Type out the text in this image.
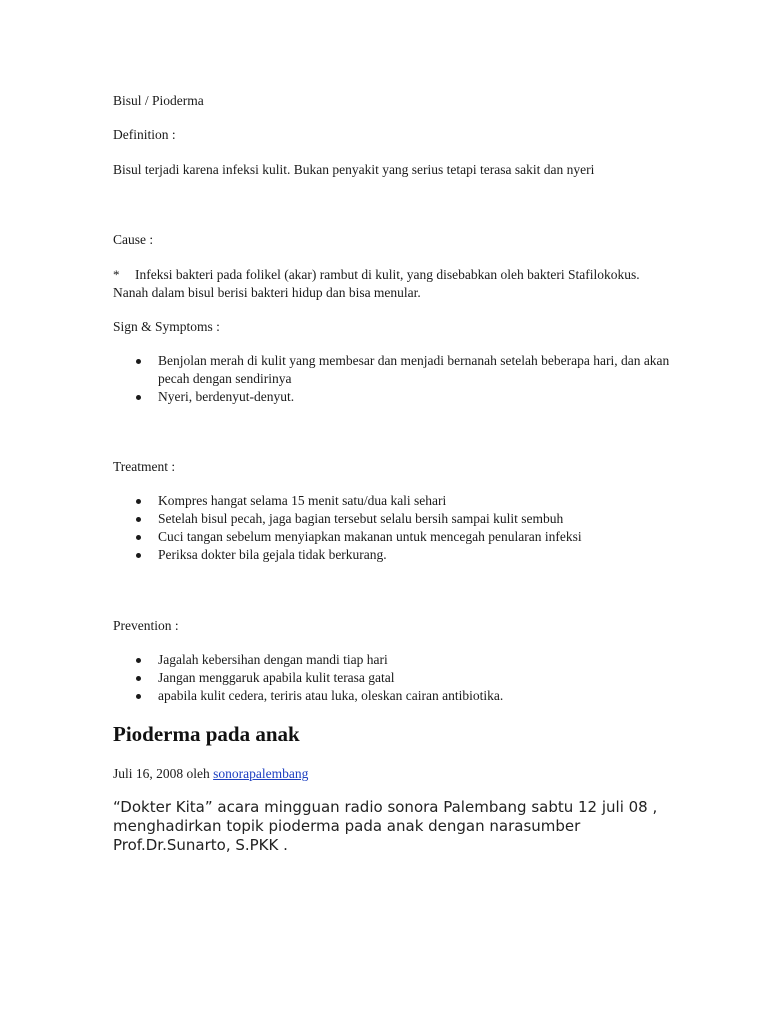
Bisul / Pioderma

Definition :

Bisul terjadi karena infeksi kulit. Bukan penyakit yang serius tetapi terasa sakit dan nyeri

Cause :

* Infeksi bakteri pada folikel (akar) rambut di kulit, yang disebabkan oleh bakteri Stafilokokus. Nanah dalam bisul berisi bakteri hidup dan bisa menular.

Sign & Symptoms :

Benjolan merah di kulit yang membesar dan menjadi bernanah setelah beberapa hari, dan akan pecah dengan sendirinya
Nyeri, berdenyut-denyut.

Treatment :

Kompres hangat selama 15 menit satu/dua kali sehari
Setelah bisul pecah, jaga bagian tersebut selalu bersih sampai kulit sembuh
Cuci tangan sebelum menyiapkan makanan untuk mencegah penularan infeksi
Periksa dokter bila gejala tidak berkurang.

Prevention :

Jagalah kebersihan dengan mandi tiap hari
Jangan menggaruk apabila kulit terasa gatal
apabila kulit cedera, teriris atau luka, oleskan cairan antibiotika.
Pioderma pada anak
Juli 16, 2008 oleh sonorapalembang

“Dokter Kita” acara mingguan radio sonora Palembang sabtu 12 juli 08 , menghadirkan topik pioderma pada anak dengan narasumber Prof.Dr.Sunarto, S.PKK .
